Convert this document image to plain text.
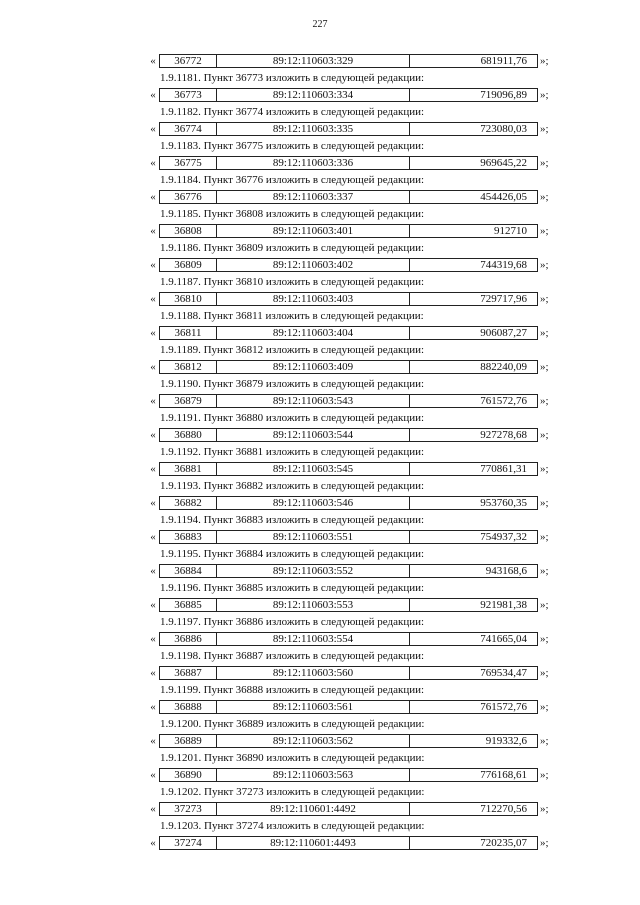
227
«	36772	89:12:110603:329	681911,76	»;
1.9.1181. Пункт 36773 изложить в следующей редакции:
«	36773	89:12:110603:334	719096,89	»;
1.9.1182. Пункт 36774 изложить в следующей редакции:
«	36774	89:12:110603:335	723080,03	»;
1.9.1183. Пункт 36775 изложить в следующей редакции:
«	36775	89:12:110603:336	969645,22	»;
1.9.1184. Пункт 36776 изложить в следующей редакции:
«	36776	89:12:110603:337	454426,05	»;
1.9.1185. Пункт 36808 изложить в следующей редакции:
«	36808	89:12:110603:401	912710	»;
1.9.1186. Пункт 36809 изложить в следующей редакции:
«	36809	89:12:110603:402	744319,68	»;
1.9.1187. Пункт 36810 изложить в следующей редакции:
«	36810	89:12:110603:403	729717,96	»;
1.9.1188. Пункт 36811 изложить в следующей редакции:
«	36811	89:12:110603:404	906087,27	»;
1.9.1189. Пункт 36812 изложить в следующей редакции:
«	36812	89:12:110603:409	882240,09	»;
1.9.1190. Пункт 36879 изложить в следующей редакции:
«	36879	89:12:110603:543	761572,76	»;
1.9.1191. Пункт 36880 изложить в следующей редакции:
«	36880	89:12:110603:544	927278,68	»;
1.9.1192. Пункт 36881 изложить в следующей редакции:
«	36881	89:12:110603:545	770861,31	»;
1.9.1193. Пункт 36882 изложить в следующей редакции:
«	36882	89:12:110603:546	953760,35	»;
1.9.1194. Пункт 36883 изложить в следующей редакции:
«	36883	89:12:110603:551	754937,32	»;
1.9.1195. Пункт 36884 изложить в следующей редакции:
«	36884	89:12:110603:552	943168,6	»;
1.9.1196. Пункт 36885 изложить в следующей редакции:
«	36885	89:12:110603:553	921981,38	»;
1.9.1197. Пункт 36886 изложить в следующей редакции:
«	36886	89:12:110603:554	741665,04	»;
1.9.1198. Пункт 36887 изложить в следующей редакции:
«	36887	89:12:110603:560	769534,47	»;
1.9.1199. Пункт 36888 изложить в следующей редакции:
«	36888	89:12:110603:561	761572,76	»;
1.9.1200. Пункт 36889 изложить в следующей редакции:
«	36889	89:12:110603:562	919332,6	»;
1.9.1201. Пункт 36890 изложить в следующей редакции:
«	36890	89:12:110603:563	776168,61	»;
1.9.1202. Пункт 37273 изложить в следующей редакции:
«	37273	89:12:110601:4492	712270,56	»;
1.9.1203. Пункт 37274 изложить в следующей редакции:
«	37274	89:12:110601:4493	720235,07	»;
